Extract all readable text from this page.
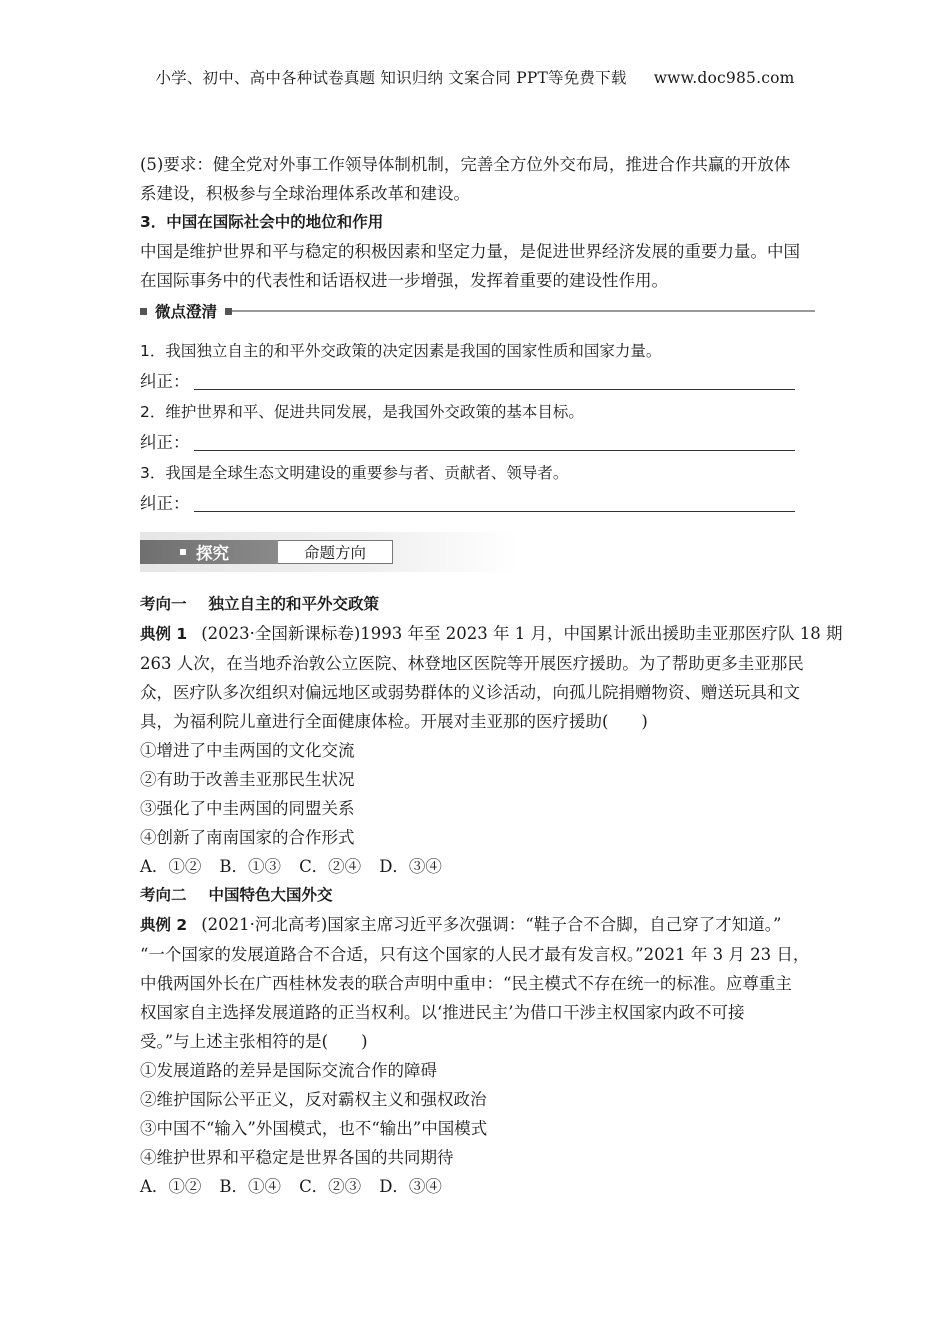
小学、初中、高中各种试卷真题 知识归纳 文案合同 PPT等免费下载 www.doc985.com
(5)要求：健全党对外事工作领导体制机制，完善全方位外交布局，推进合作共赢的开放体
系建设，积极参与全球治理体系改革和建设。
3．中国在国际社会中的地位和作用
中国是维护世界和平与稳定的积极因素和坚定力量，是促进世界经济发展的重要力量。中国
在国际事务中的代表性和话语权进一步增强，发挥着重要的建设性作用。
微点澄清
1．我国独立自主的和平外交政策的决定因素是我国的国家性质和国家力量。
纠正：
2．维护世界和平、促进共同发展，是我国外交政策的基本目标。
纠正：
3．我国是全球生态文明建设的重要参与者、贡献者、领导者。
纠正：
探究	命题方向
考向一 独立自主的和平外交政策
典例 1 (2023·全国新课标卷)1993 年至 2023 年 1 月，中国累计派出援助圭亚那医疗队 18 期
263 人次，在当地乔治敦公立医院、林登地区医院等开展医疗援助。为了帮助更多圭亚那民
众，医疗队多次组织对偏远地区或弱势群体的义诊活动，向孤儿院捐赠物资、赠送玩具和文
具，为福利院儿童进行全面健康体检。开展对圭亚那的医疗援助(　　)
①增进了中圭两国的文化交流
②有助于改善圭亚那民生状况
③强化了中圭两国的同盟关系
④创新了南南国家的合作形式
A．①② B．①③ C．②④ D．③④
考向二 中国特色大国外交
典例 2 (2021·河北高考)国家主席习近平多次强调：“鞋子合不合脚，自己穿了才知道。”
“一个国家的发展道路合不合适，只有这个国家的人民才最有发言权。”2021 年 3 月 23 日，
中俄两国外长在广西桂林发表的联合声明中重申：“民主模式不存在统一的标准。应尊重主
权国家自主选择发展道路的正当权利。以‘推进民主’为借口干涉主权国家内政不可接
受。”与上述主张相符的是(　　)
①发展道路的差异是国际交流合作的障碍
②维护国际公平正义，反对霸权主义和强权政治
③中国不“输入”外国模式，也不“输出”中国模式
④维护世界和平稳定是世界各国的共同期待
A．①② B．①④ C．②③ D．③④
